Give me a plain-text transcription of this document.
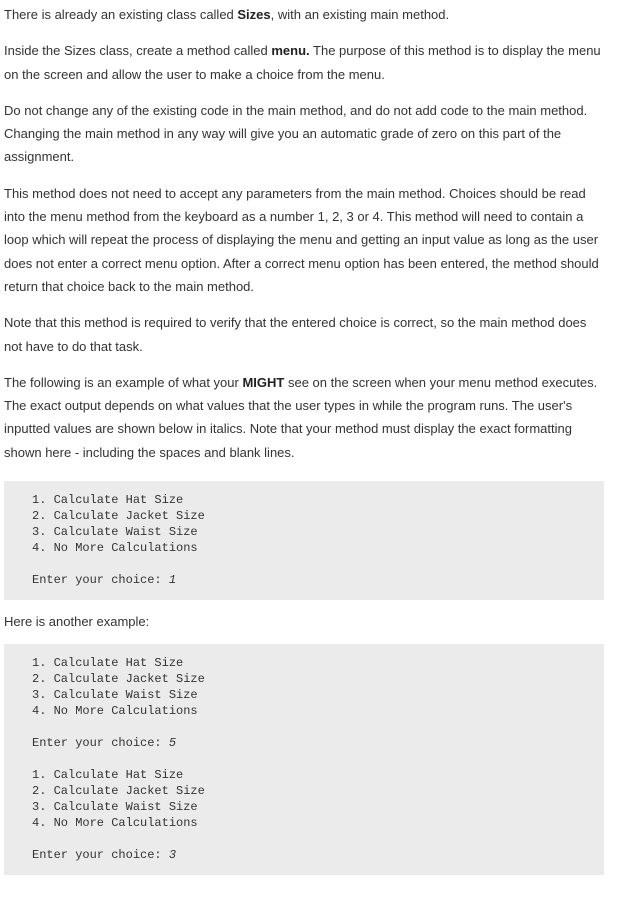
There is already an existing class called Sizes, with an existing main method.

Inside the Sizes class, create a method called menu. The purpose of this method is to display the menu on the screen and allow the user to make a choice from the menu.

Do not change any of the existing code in the main method, and do not add code to the main method. Changing the main method in any way will give you an automatic grade of zero on this part of the assignment.

This method does not need to accept any parameters from the main method. Choices should be read into the menu method from the keyboard as a number 1, 2, 3 or 4. This method will need to contain a loop which will repeat the process of displaying the menu and getting an input value as long as the user does not enter a correct menu option. After a correct menu option has been entered, the method should return that choice back to the main method.

Note that this method is required to verify that the entered choice is correct, so the main method does not have to do that task.

The following is an example of what your MIGHT see on the screen when your menu method executes. The exact output depends on what values that the user types in while the program runs. The user's inputted values are shown below in italics. Note that your method must display the exact formatting shown here - including the spaces and blank lines.

1. Calculate Hat Size
2. Calculate Jacket Size
3. Calculate Waist Size
4. No More Calculations
Enter your choice: 1

Here is another example:

1. Calculate Hat Size
2. Calculate Jacket Size
3. Calculate Waist Size
4. No More Calculations
Enter your choice: 5
1. Calculate Hat Size
2. Calculate Jacket Size
3. Calculate Waist Size
4. No More Calculations
Enter your choice: 3
